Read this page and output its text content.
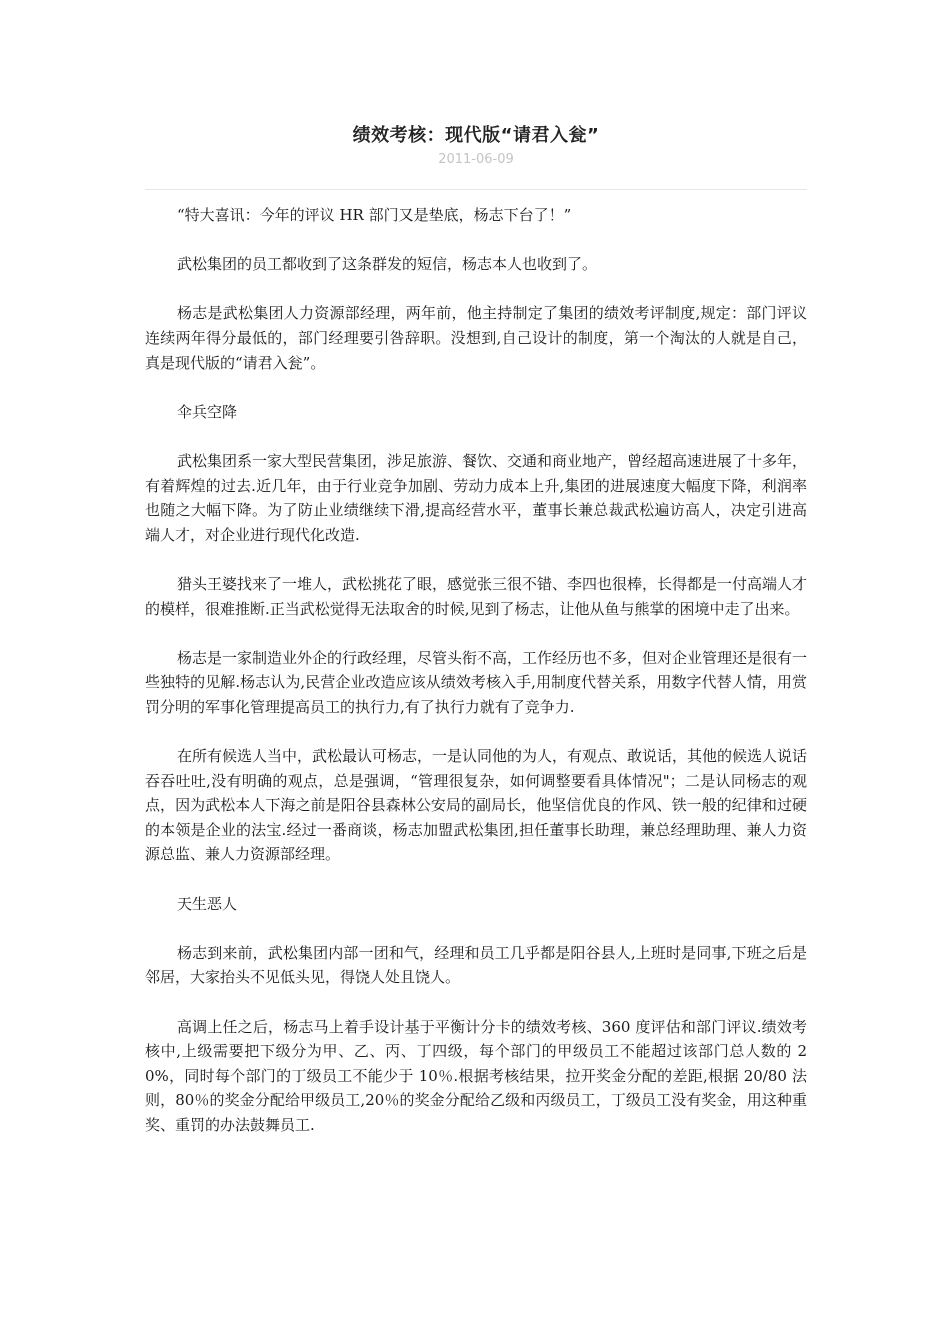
绩效考核：现代版“请君入瓮”
2011-06-09

“特大喜讯：今年的评议 HR 部门又是垫底，杨志下台了！”

武松集团的员工都收到了这条群发的短信，杨志本人也收到了。

杨志是武松集团人力资源部经理，两年前，他主持制定了集团的绩效考评制度,规定：部门评议连续两年得分最低的，部门经理要引咎辞职。没想到,自己设计的制度，第一个淘汰的人就是自己，真是现代版的“请君入瓮”。

伞兵空降

武松集团系一家大型民营集团，涉足旅游、餐饮、交通和商业地产，曾经超高速进展了十多年，有着辉煌的过去.近几年，由于行业竞争加剧、劳动力成本上升,集团的进展速度大幅度下降，利润率也随之大幅下降。为了防止业绩继续下滑,提高经营水平，董事长兼总裁武松遍访高人，决定引进高端人才，对企业进行现代化改造.

猎头王婆找来了一堆人，武松挑花了眼，感觉张三很不错、李四也很棒，长得都是一付高端人才的模样，很难推断.正当武松觉得无法取舍的时候,见到了杨志，让他从鱼与熊掌的困境中走了出来。

杨志是一家制造业外企的行政经理，尽管头衔不高，工作经历也不多，但对企业管理还是很有一些独特的见解.杨志认为,民营企业改造应该从绩效考核入手,用制度代替关系，用数字代替人情，用赏罚分明的军事化管理提高员工的执行力,有了执行力就有了竞争力.

在所有候选人当中，武松最认可杨志，一是认同他的为人，有观点、敢说话，其他的候选人说话吞吞吐吐,没有明确的观点，总是强调，“管理很复杂，如何调整要看具体情况"；二是认同杨志的观点，因为武松本人下海之前是阳谷县森林公安局的副局长，他坚信优良的作风、铁一般的纪律和过硬的本领是企业的法宝.经过一番商谈，杨志加盟武松集团,担任董事长助理，兼总经理助理、兼人力资源总监、兼人力资源部经理。

天生恶人

杨志到来前，武松集团内部一团和气，经理和员工几乎都是阳谷县人,上班时是同事,下班之后是邻居，大家抬头不见低头见，得饶人处且饶人。

高调上任之后，杨志马上着手设计基于平衡计分卡的绩效考核、360 度评估和部门评议.绩效考核中,上级需要把下级分为甲、乙、丙、丁四级，每个部门的甲级员工不能超过该部门总人数的 20%，同时每个部门的丁级员工不能少于 10％.根据考核结果，拉开奖金分配的差距,根据 20/80 法则，80％的奖金分配给甲级员工,20％的奖金分配给乙级和丙级员工，丁级员工没有奖金，用这种重奖、重罚的办法鼓舞员工.
